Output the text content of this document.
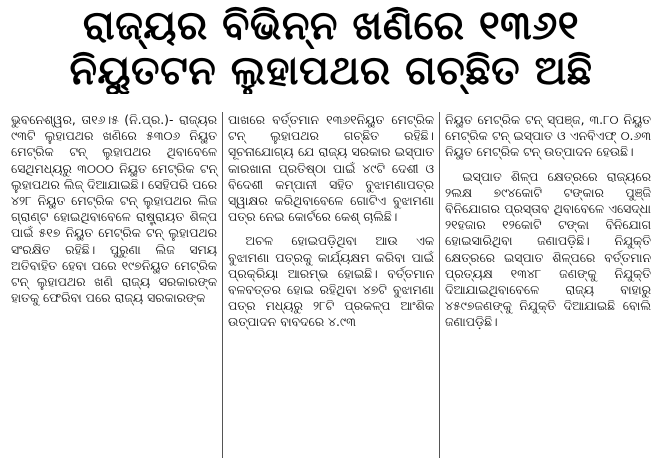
ରାଜ୍ୟର ବିଭିନ୍ନ ଖଣିରେ ୧୩୬୧
ନିୟୁତଟନ ଲୁହାପଥର ଗଚ୍ଛିତ ଅଛି

ଭୁବନେଶ୍ୱର, ତା୧୬।୫ (ନି.ପ୍ର.)- ରାଜ୍ୟର ୯୩ଟି ଲୁହାପଥର ଖଣିରେ ୫୩୦୬ ନିୟୁତ ମେଟ୍ରିକ ଟନ୍ ଲୁହାପଥର ଥିବାବେଳେ ସେଥିମଧ୍ୟରୁ ୩୦୦୦ ନିୟୁତ ମେଟ୍ରିକ ଟନ୍ ଲୁହାପଥର ଲିଜ୍ ଦିଆଯାଇଛି। ସେହିପରି ପରେ ୪୨୮ ନିୟୁତ ମେଟ୍ରିକ ଟନ୍ ଲୁହାପଥର ଲିଜ ଗ୍ରାଣ୍ଟ ହୋଇଥିବାବେଳେ ରାଷ୍ଟ୍ରାୟତ ଶିଳ୍ପ ପାଇଁ ୫୧୭ ନିୟୁତ ମେଟ୍ରିକ ଟନ୍ ଲୁହାପଥର ସଂରକ୍ଷିତ ରହିଛି। ପୁରୁଣା ଲିଜ ସମୟ ଅତିବାହିତ ହେବା ପରେ ୧୯୭ନିୟୁତ ମେଟ୍ରିକ ଟନ୍ ଲୁହାପଥର ଖଣି ରାଜ୍ୟ ସରକାରଙ୍କ ହାତକୁ ଫେରିବା ପରେ ରାଜ୍ୟ ସରକାରଙ୍କ

ପାଖରେ ବର୍ତ୍ତମାନ ୧୩୬୧ନିୟୁତ ମେଟ୍ରିକ ଟନ୍ ଲୁହାପଥର ଗଚ୍ଛିତ ରହିଛି। ସୂଚନାଯୋଗ୍ୟ ଯେ ରାଜ୍ୟ ସରକାର ଇସ୍ପାତ କାରଖାନା ପ୍ରତିଷ୍ଠା ପାଇଁ ୪୯ଟି ଦେଶୀ ଓ ବିଦେଶୀ କମ୍ପାନୀ ସହିତ ବୁଝାମଣାପତ୍ର ସ୍ୱାକ୍ଷର କରିଥିବାବେଳେ ଗୋଟିଏ ବୁଝାମଣା ପତ୍ର ନେଇ କୋର୍ଟରେ କେଶ୍ ଚାଲିଛି।

ଅଚଳ ହୋଇପଡ଼ିଥିବା ଆଉ ଏକ ବୁଝାମଣା ପତ୍ରକୁ କାର୍ଯ୍ୟକ୍ଷମ କରିବା ପାଇଁ ପ୍ରକ୍ରିୟା ଆରମ୍ଭ ହୋଇଛି। ବର୍ତ୍ତମାନ ବଳବତ୍ତର ହୋଇ ରହିଥିବା ୪୭ଟି ବୁଝାମଣା ପତ୍ର ମଧ୍ୟରୁ ୨୮ଟି ପ୍ରକଳ୍ପ ଆଂଶିକ ଉତ୍ପାଦନ ବାବଦରେ ୪.୯୩

ନିୟୁତ ମେଟ୍ରିକ ଟନ୍ ସ୍ପଞ୍ଜ, ୩.୮୦ ନିୟୁତ ମେଟ୍ରିକ ଟନ୍ ଇସ୍ପାତ ଓ ଏନବିଏଫ୍ ୦.୬୩ ନିୟୁତ ମେଟ୍ରିକ ଟନ୍ ଉତ୍ପାଦନ ହେଉଛି।

ଇସ୍ପାତ ଶିଳ୍ପ କ୍ଷେତ୍ରରେ ରାଜ୍ୟରେ ୨ଲକ୍ଷ ୭୯୪କୋଟି ଟଙ୍କାର ପୁଞ୍ଜି ବିନିଯୋଗର ପ୍ରସ୍ତାବ ଥିବାବେଳେ ଏସେଦ୍ଧା ୨୧ହଜାର ୧୨କୋଟି ଟଙ୍କା ବିନିଯୋଗ ହୋଇସାରିଥିବା ଜଣାପଡ଼ିଛି। ନିଯୁକ୍ତି କ୍ଷେତ୍ରରେ ଇସ୍ପାତ ଶିଳ୍ପରେ ବର୍ତ୍ତମାନ ପ୍ରତ୍ୟକ୍ଷ ୧୩୪୮ ଜଣଙ୍କୁ ନିଯୁକ୍ତି ଦିଆଯାଇଥିବାବେଳେ ରାଜ୍ୟ ବାହାରୁ ୪୫୯୭ଜଣଙ୍କୁ ନିଯୁକ୍ତି ଦିଆଯାଇଛି ବୋଲି ଜଣାପଡ଼ିଛି।
